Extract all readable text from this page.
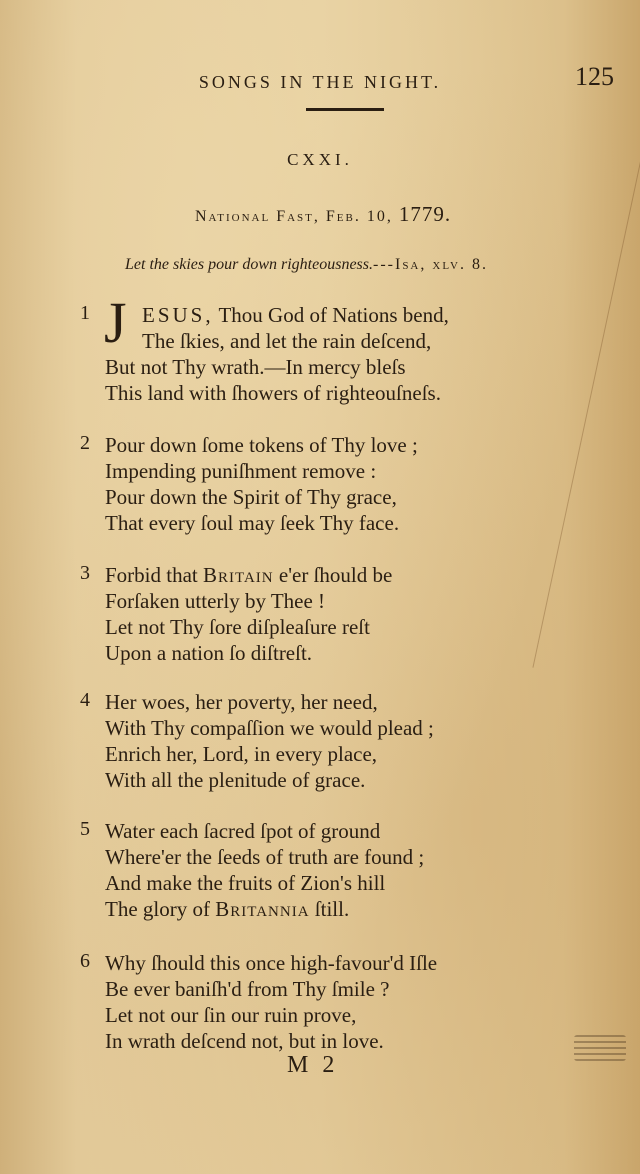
SONGS IN THE NIGHT.	125
CXXI.
National Fast, Feb. 10, 1779.
Let the skies pour down righteousness.---Isa, xlv. 8.
1 J ESUS, Thou God of Nations bend,
The ſkies, and let the rain deſcend,
But not Thy wrath.—In mercy bleſs
This land with ſhowers of righteouſneſs.
2 Pour down ſome tokens of Thy love ;
Impending puniſhment remove :
Pour down the Spirit of Thy grace,
That every ſoul may ſeek Thy face.
3 Forbid that Britain e'er ſhould be
Forſaken utterly by Thee !
Let not Thy ſore diſpleaſure reſt
Upon a nation ſo diſtreſt.
4 Her woes, her poverty, her need,
With Thy compaſſion we would plead ;
Enrich her, Lord, in every place,
With all the plenitude of grace.
5 Water each ſacred ſpot of ground
Where'er the ſeeds of truth are found ;
And make the fruits of Zion's hill
The glory of Britannia ſtill.
6 Why ſhould this once high-favour'd Iſle
Be ever baniſh'd from Thy ſmile ?
Let not our ſin our ruin prove,
In wrath deſcend not, but in love.
M 2
